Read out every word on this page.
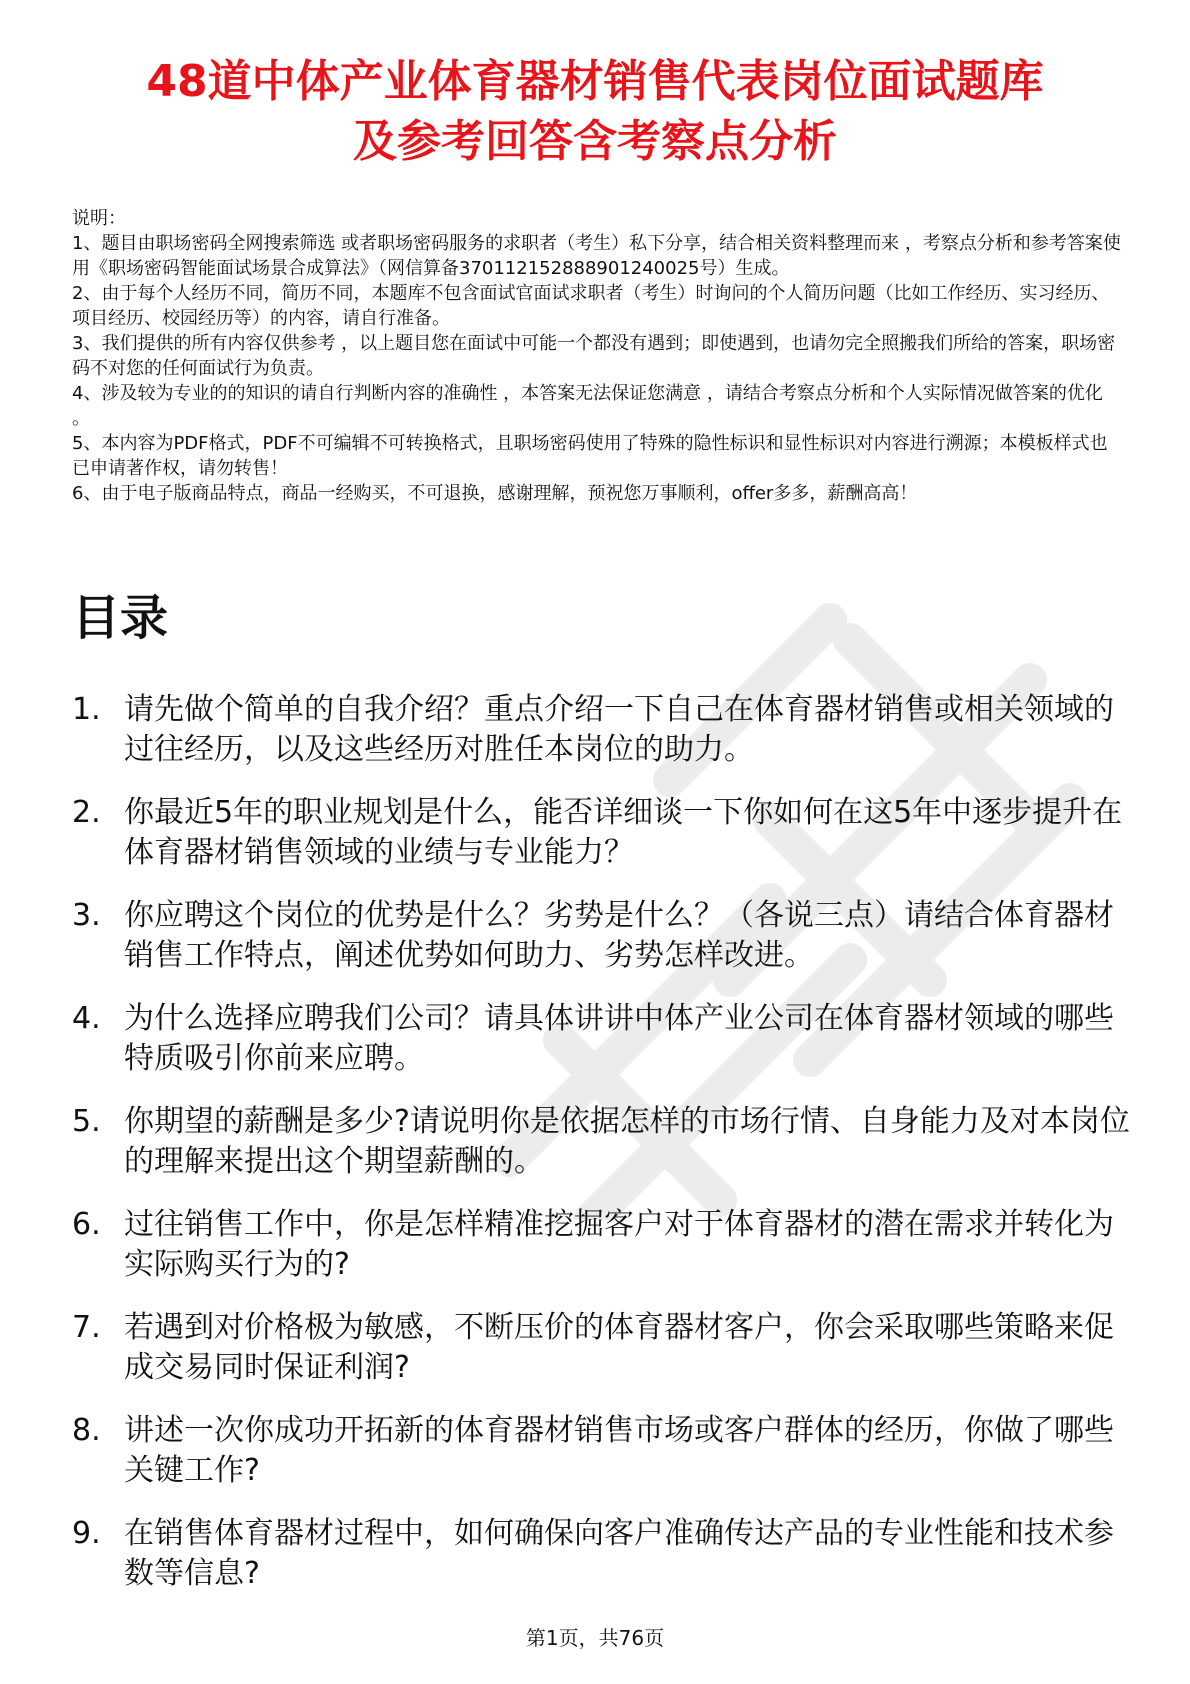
48道中体产业体育器材销售代表岗位面试题库
及参考回答含考察点分析

说明：

1、题目由职场密码全网搜索筛选 或者职场密码服务的求职者（考生）私下分享，结合相关资料整理而来 ，考察点分析和参考答案使用《职场密码智能面试场景合成算法》（网信算备370112152888901240025号）生成。

2、由于每个人经历不同，简历不同，本题库不包含面试官面试求职者（考生）时询问的个人简历问题（比如工作经历、实习经历、项目经历、校园经历等）的内容，请自行准备。

3、我们提供的所有内容仅供参考 ，以上题目您在面试中可能一个都没有遇到；即使遇到，也请勿完全照搬我们所给的答案，职场密码不对您的任何面试行为负责。

4、涉及较为专业的的知识的请自行判断内容的准确性 ，本答案无法保证您满意 ，请结合考察点分析和个人实际情况做答案的优化 。

5、本内容为PDF格式，PDF不可编辑不可转换格式，且职场密码使用了特殊的隐性标识和显性标识对内容进行溯源；本模板样式也已申请著作权，请勿转售！

6、由于电子版商品特点，商品一经购买，不可退换，感谢理解，预祝您万事顺利，offer多多，薪酬高高！

目录
1. 请先做个简单的自我介绍？重点介绍一下自己在体育器材销售或相关领域的过往经历，以及这些经历对胜任本岗位的助力。
2. 你最近5年的职业规划是什么，能否详细谈一下你如何在这5年中逐步提升在体育器材销售领域的业绩与专业能力？
3. 你应聘这个岗位的优势是什么？劣势是什么？（各说三点）请结合体育器材销售工作特点，阐述优势如何助力、劣势怎样改进。
4. 为什么选择应聘我们公司？请具体讲讲中体产业公司在体育器材领域的哪些特质吸引你前来应聘。
5. 你期望的薪酬是多少?请说明你是依据怎样的市场行情、自身能力及对本岗位的理解来提出这个期望薪酬的。
6. 过往销售工作中，你是怎样精准挖掘客户对于体育器材的潜在需求并转化为实际购买行为的?
7. 若遇到对价格极为敏感，不断压价的体育器材客户，你会采取哪些策略来促成交易同时保证利润?
8. 讲述一次你成功开拓新的体育器材销售市场或客户群体的经历，你做了哪些关键工作?
9. 在销售体育器材过程中，如何确保向客户准确传达产品的专业性能和技术参数等信息?
第1页，共76页
